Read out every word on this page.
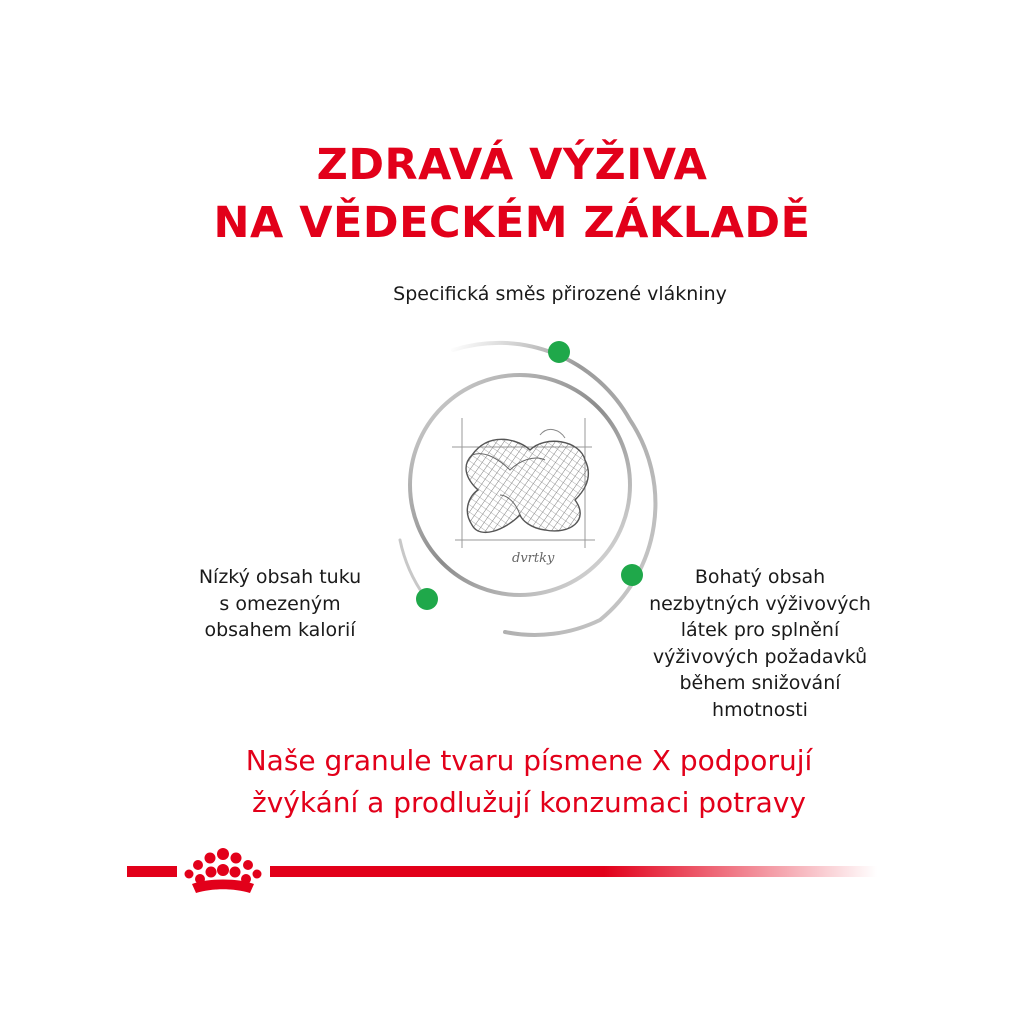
ZDRAVÁ VÝŽIVA
NA VĚDECKÉM ZÁKLADĚ
Specifická směs přirozené vlákniny
Nízký obsah tuku
s omezeným
obsahem kalorií
Bohatý obsah
nezbytných výživových
látek pro splnění
výživových požadavků
během snižování
hmotnosti
dvrtky
Naše granule tvaru písmene X podporují
žvýkání a prodlužují konzumaci potravy
